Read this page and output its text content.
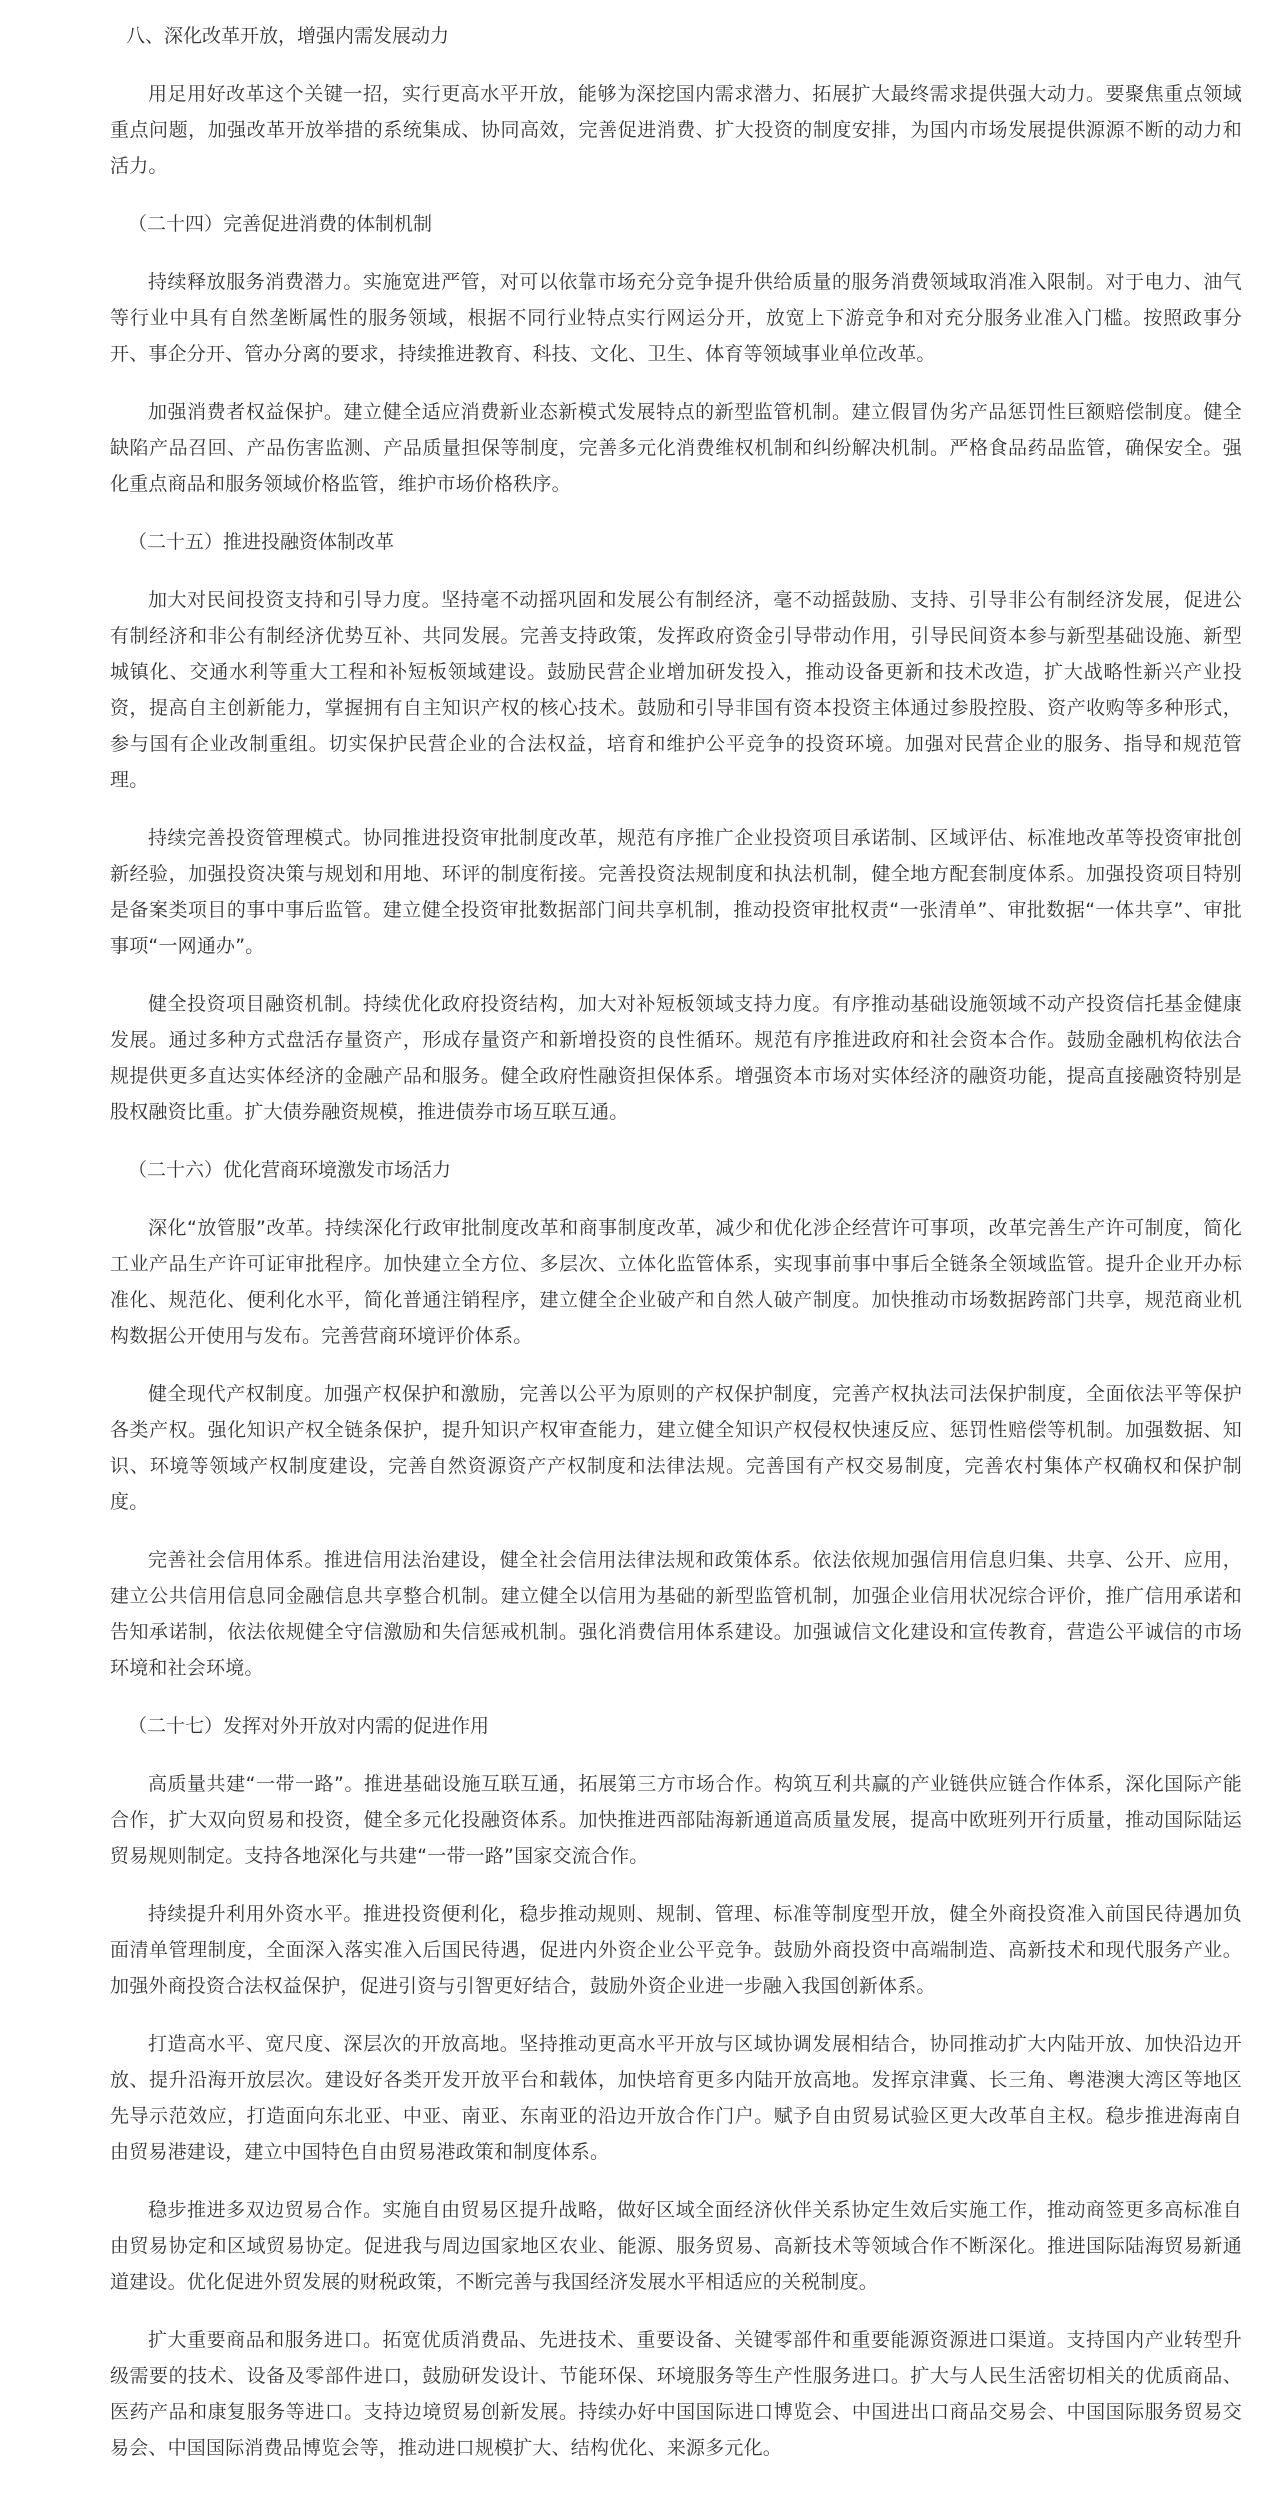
八、深化改革开放，增强内需发展动力

用足用好改革这个关键一招，实行更高水平开放，能够为深挖国内需求潜力、拓展扩大最终需求提供强大动力。要聚焦重点领域重点问题，加强改革开放举措的系统集成、协同高效，完善促进消费、扩大投资的制度安排，为国内市场发展提供源源不断的动力和活力。

（二十四）完善促进消费的体制机制

持续释放服务消费潜力。实施宽进严管，对可以依靠市场充分竞争提升供给质量的服务消费领域取消准入限制。对于电力、油气等行业中具有自然垄断属性的服务领域，根据不同行业特点实行网运分开，放宽上下游竞争和对充分服务业准入门槛。按照政事分开、事企分开、管办分离的要求，持续推进教育、科技、文化、卫生、体育等领域事业单位改革。

加强消费者权益保护。建立健全适应消费新业态新模式发展特点的新型监管机制。建立假冒伪劣产品惩罚性巨额赔偿制度。健全缺陷产品召回、产品伤害监测、产品质量担保等制度，完善多元化消费维权机制和纠纷解决机制。严格食品药品监管，确保安全。强化重点商品和服务领域价格监管，维护市场价格秩序。

（二十五）推进投融资体制改革

加大对民间投资支持和引导力度。坚持毫不动摇巩固和发展公有制经济，毫不动摇鼓励、支持、引导非公有制经济发展，促进公有制经济和非公有制经济优势互补、共同发展。完善支持政策，发挥政府资金引导带动作用，引导民间资本参与新型基础设施、新型城镇化、交通水利等重大工程和补短板领域建设。鼓励民营企业增加研发投入，推动设备更新和技术改造，扩大战略性新兴产业投资，提高自主创新能力，掌握拥有自主知识产权的核心技术。鼓励和引导非国有资本投资主体通过参股控股、资产收购等多种形式，参与国有企业改制重组。切实保护民营企业的合法权益，培育和维护公平竞争的投资环境。加强对民营企业的服务、指导和规范管理。

持续完善投资管理模式。协同推进投资审批制度改革，规范有序推广企业投资项目承诺制、区域评估、标准地改革等投资审批创新经验，加强投资决策与规划和用地、环评的制度衔接。完善投资法规制度和执法机制，健全地方配套制度体系。加强投资项目特别是备案类项目的事中事后监管。建立健全投资审批数据部门间共享机制，推动投资审批权责“一张清单”、审批数据“一体共享”、审批事项“一网通办”。

健全投资项目融资机制。持续优化政府投资结构，加大对补短板领域支持力度。有序推动基础设施领域不动产投资信托基金健康发展。通过多种方式盘活存量资产，形成存量资产和新增投资的良性循环。规范有序推进政府和社会资本合作。鼓励金融机构依法合规提供更多直达实体经济的金融产品和服务。健全政府性融资担保体系。增强资本市场对实体经济的融资功能，提高直接融资特别是股权融资比重。扩大债券融资规模，推进债券市场互联互通。

（二十六）优化营商环境激发市场活力

深化“放管服”改革。持续深化行政审批制度改革和商事制度改革，减少和优化涉企经营许可事项，改革完善生产许可制度，简化工业产品生产许可证审批程序。加快建立全方位、多层次、立体化监管体系，实现事前事中事后全链条全领域监管。提升企业开办标准化、规范化、便利化水平，简化普通注销程序，建立健全企业破产和自然人破产制度。加快推动市场数据跨部门共享，规范商业机构数据公开使用与发布。完善营商环境评价体系。

健全现代产权制度。加强产权保护和激励，完善以公平为原则的产权保护制度，完善产权执法司法保护制度，全面依法平等保护各类产权。强化知识产权全链条保护，提升知识产权审查能力，建立健全知识产权侵权快速反应、惩罚性赔偿等机制。加强数据、知识、环境等领域产权制度建设，完善自然资源资产产权制度和法律法规。完善国有产权交易制度，完善农村集体产权确权和保护制度。

完善社会信用体系。推进信用法治建设，健全社会信用法律法规和政策体系。依法依规加强信用信息归集、共享、公开、应用，建立公共信用信息同金融信息共享整合机制。建立健全以信用为基础的新型监管机制，加强企业信用状况综合评价，推广信用承诺和告知承诺制，依法依规健全守信激励和失信惩戒机制。强化消费信用体系建设。加强诚信文化建设和宣传教育，营造公平诚信的市场环境和社会环境。

（二十七）发挥对外开放对内需的促进作用

高质量共建“一带一路”。推进基础设施互联互通，拓展第三方市场合作。构筑互利共赢的产业链供应链合作体系，深化国际产能合作，扩大双向贸易和投资，健全多元化投融资体系。加快推进西部陆海新通道高质量发展，提高中欧班列开行质量，推动国际陆运贸易规则制定。支持各地深化与共建“一带一路”国家交流合作。

持续提升利用外资水平。推进投资便利化，稳步推动规则、规制、管理、标准等制度型开放，健全外商投资准入前国民待遇加负面清单管理制度，全面深入落实准入后国民待遇，促进内外资企业公平竞争。鼓励外商投资中高端制造、高新技术和现代服务产业。加强外商投资合法权益保护，促进引资与引智更好结合，鼓励外资企业进一步融入我国创新体系。

打造高水平、宽尺度、深层次的开放高地。坚持推动更高水平开放与区域协调发展相结合，协同推动扩大内陆开放、加快沿边开放、提升沿海开放层次。建设好各类开发开放平台和载体，加快培育更多内陆开放高地。发挥京津冀、长三角、粤港澳大湾区等地区先导示范效应，打造面向东北亚、中亚、南亚、东南亚的沿边开放合作门户。赋予自由贸易试验区更大改革自主权。稳步推进海南自由贸易港建设，建立中国特色自由贸易港政策和制度体系。

稳步推进多双边贸易合作。实施自由贸易区提升战略，做好区域全面经济伙伴关系协定生效后实施工作，推动商签更多高标准自由贸易协定和区域贸易协定。促进我与周边国家地区农业、能源、服务贸易、高新技术等领域合作不断深化。推进国际陆海贸易新通道建设。优化促进外贸发展的财税政策，不断完善与我国经济发展水平相适应的关税制度。

扩大重要商品和服务进口。拓宽优质消费品、先进技术、重要设备、关键零部件和重要能源资源进口渠道。支持国内产业转型升级需要的技术、设备及零部件进口，鼓励研发设计、节能环保、环境服务等生产性服务进口。扩大与人民生活密切相关的优质商品、医药产品和康复服务等进口。支持边境贸易创新发展。持续办好中国国际进口博览会、中国进出口商品交易会、中国国际服务贸易交易会、中国国际消费品博览会等，推动进口规模扩大、结构优化、来源多元化。
